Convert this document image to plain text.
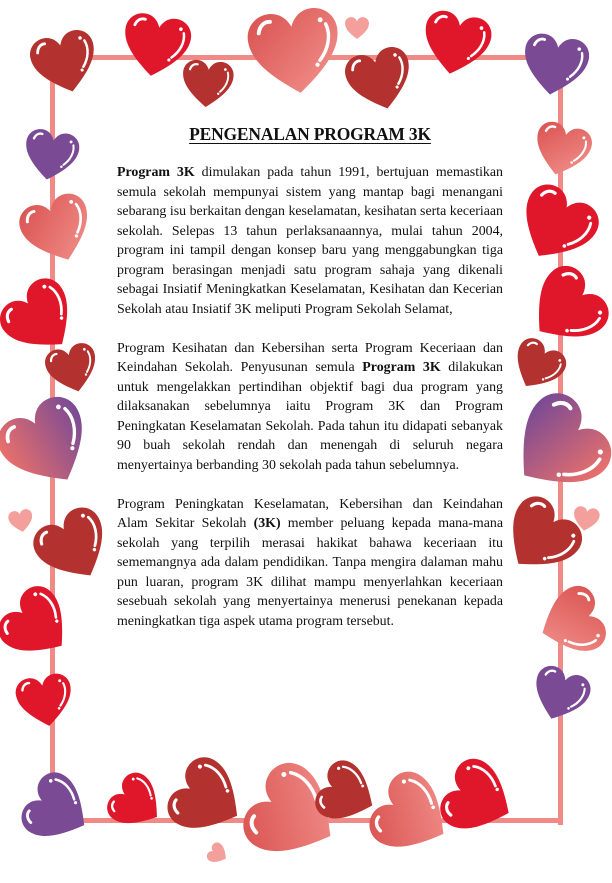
PENGENALAN PROGRAM 3K

Program 3K dimulakan pada tahun 1991, bertujuan memastikan semula sekolah mempunyai sistem yang mantap bagi menangani sebarang isu berkaitan dengan keselamatan, kesihatan serta keceriaan sekolah. Selepas 13 tahun perlaksanaannya, mulai tahun 2004, program ini tampil dengan konsep baru yang menggabungkan tiga program berasingan menjadi satu program sahaja yang dikenali sebagai Insiatif Meningkatkan Keselamatan, Kesihatan dan Kecerian Sekolah atau Insiatif 3K meliputi Program Sekolah Selamat,

Program Kesihatan dan Kebersihan serta Program Keceriaan dan Keindahan Sekolah. Penyusunan semula Program 3K dilakukan untuk mengelakkan pertindihan objektif bagi dua program yang dilaksanakan sebelumnya iaitu Program 3K dan Program Peningkatan Keselamatan Sekolah. Pada tahun itu didapati sebanyak 90 buah sekolah rendah dan menengah di seluruh negara menyertainya berbanding 30 sekolah pada tahun sebelumnya.

Program Peningkatan Keselamatan, Kebersihan dan Keindahan Alam Sekitar Sekolah (3K) member peluang kepada mana-mana sekolah yang terpilih merasai hakikat bahawa keceriaan itu sememangnya ada dalam pendidikan. Tanpa mengira dalaman mahu pun luaran, program 3K dilihat mampu menyerlahkan keceriaan sesebuah sekolah yang menyertainya menerusi penekanan kepada meningkatkan tiga aspek utama program tersebut.
